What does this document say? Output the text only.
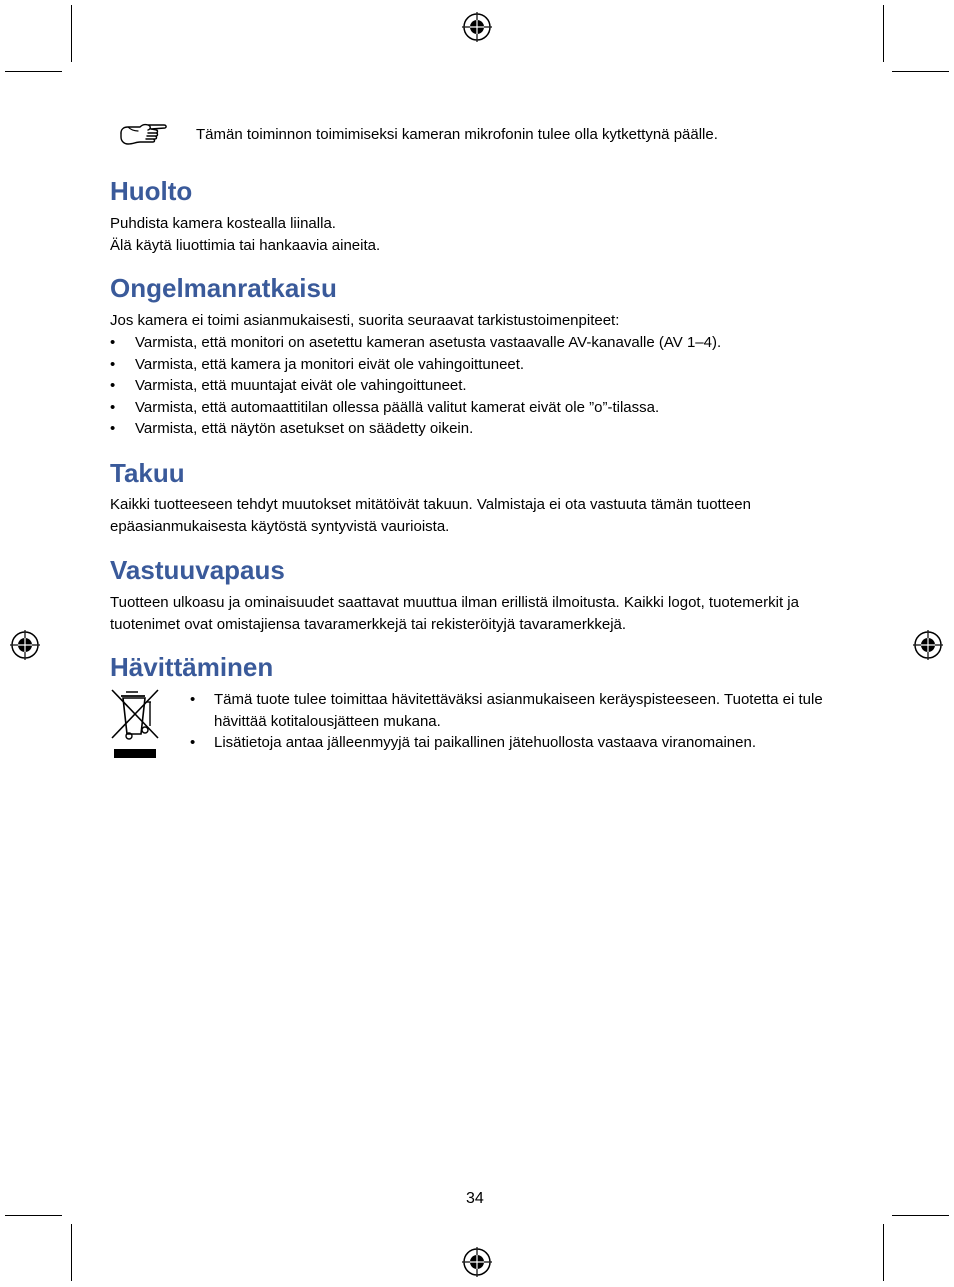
Tämän toiminnon toimimiseksi kameran mikrofonin tulee olla kytkettynä päälle.
Huolto

Puhdista kamera kostealla liinalla.

Älä käytä liuottimia tai hankaavia aineita.

Ongelmanratkaisu

Jos kamera ei toimi asianmukaisesti, suorita seuraavat tarkistustoimenpiteet:

• Varmista, että monitori on asetettu kameran asetusta vastaavalle AV-kanavalle (AV 1–4).
• Varmista, että kamera ja monitori eivät ole vahingoittuneet.
• Varmista, että muuntajat eivät ole vahingoittuneet.
• Varmista, että automaattitilan ollessa päällä valitut kamerat eivät ole ”ο”-tilassa.
• Varmista, että näytön asetukset on säädetty oikein.
Takuu

Kaikki tuotteeseen tehdyt muutokset mitätöivät takuun. Valmistaja ei ota vastuuta tämän tuotteen epäasianmukaisesta käytöstä syntyvistä vaurioista.

Vastuuvapaus

Tuotteen ulkoasu ja ominaisuudet saattavat muuttua ilman erillistä ilmoitusta. Kaikki logot, tuotemerkit ja tuotenimet ovat omistajiensa tavaramerkkejä tai rekisteröityjä tavaramerkkejä.

Hävittäminen
• Tämä tuote tulee toimittaa hävitettäväksi asianmukaiseen keräyspisteeseen. Tuotetta ei tule hävittää kotitalousjätteen mukana.
• Lisätietoja antaa jälleenmyyjä tai paikallinen jätehuollosta vastaava viranomainen.
34
